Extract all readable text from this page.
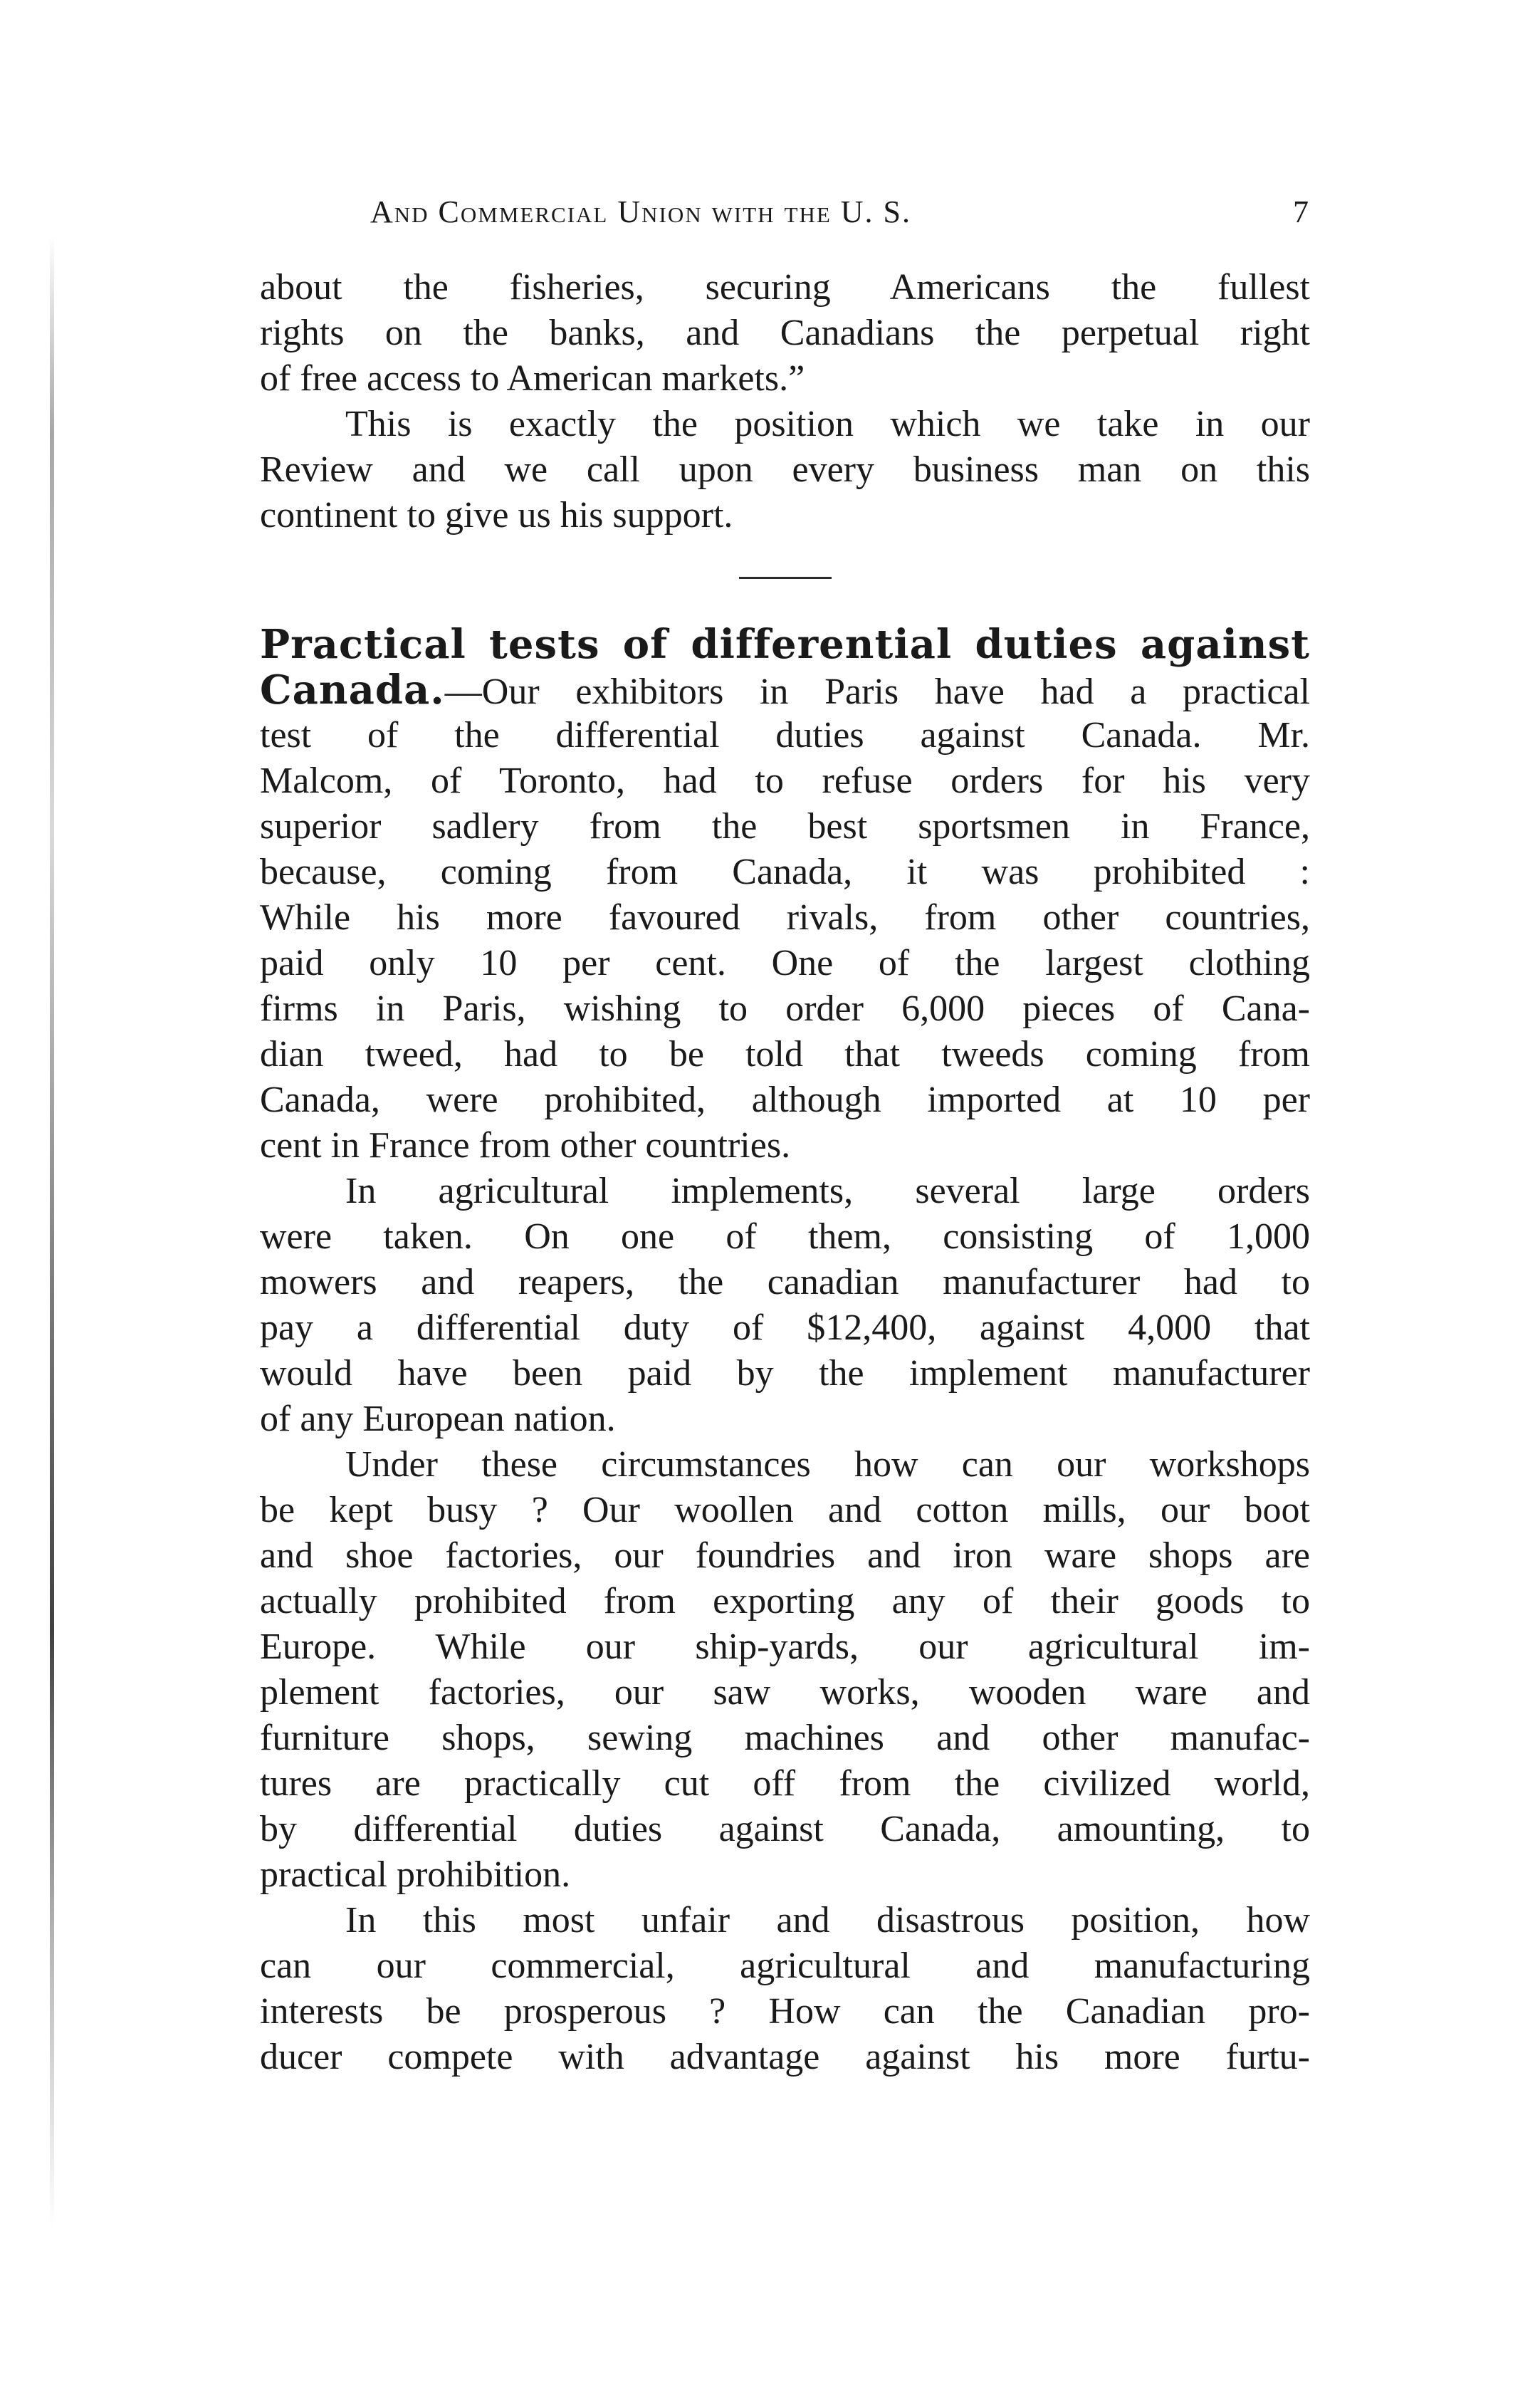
And Commercial Union with the U. S.	7
about the fisheries, securing Americans the fullest
rights on the banks, and Canadians the perpetual right
of free access to American markets.”
This is exactly the position which we take in our
Review and we call upon every business man on this
continent to give us his support.
Practical tests of differential duties against
Canada.—Our exhibitors in Paris have had a practical
test of the differential duties against Canada. Mr.
Malcom, of Toronto, had to refuse orders for his very
superior sadlery from the best sportsmen in France,
because, coming from Canada, it was prohibited :
While his more favoured rivals, from other countries,
paid only 10 per cent. One of the largest clothing
firms in Paris, wishing to order 6,000 pieces of Cana-
dian tweed, had to be told that tweeds coming from
Canada, were prohibited, although imported at 10 per
cent in France from other countries.
In agricultural implements, several large orders
were taken. On one of them, consisting of 1,000
mowers and reapers, the canadian manufacturer had to
pay a differential duty of $12,400, against 4,000 that
would have been paid by the implement manufacturer
of any European nation.
Under these circumstances how can our workshops
be kept busy ? Our woollen and cotton mills, our boot
and shoe factories, our foundries and iron ware shops are
actually prohibited from exporting any of their goods to
Europe. While our ship-yards, our agricultural im-
plement factories, our saw works, wooden ware and
furniture shops, sewing machines and other manufac-
tures are practically cut off from the civilized world,
by differential duties against Canada, amounting, to
practical prohibition.
In this most unfair and disastrous position, how
can our commercial, agricultural and manufacturing
interests be prosperous ? How can the Canadian pro-
ducer compete with advantage against his more furtu-
